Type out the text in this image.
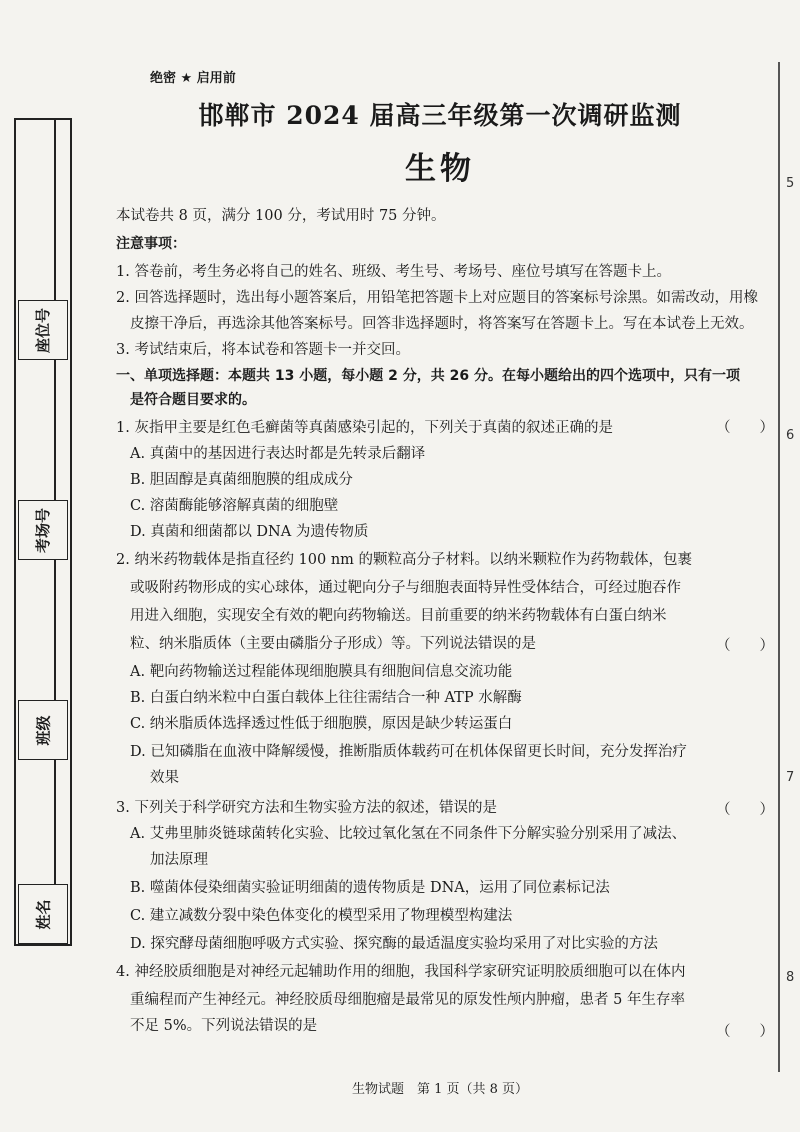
座位号
考场号
班级
姓名
5
6
7
8
绝密 ★ 启用前
邯郸市 2024 届高三年级第一次调研监测
生物
本试卷共 8 页，满分 100 分，考试用时 75 分钟。
注意事项：
1. 答卷前，考生务必将自己的姓名、班级、考生号、考场号、座位号填写在答题卡上。
2. 回答选择题时，选出每小题答案后，用铅笔把答题卡上对应题目的答案标号涂黑。如需改动，用橡
皮擦干净后，再选涂其他答案标号。回答非选择题时，将答案写在答题卡上。写在本试卷上无效。
3. 考试结束后，将本试卷和答题卡一并交回。
一、单项选择题：本题共 13 小题，每小题 2 分，共 26 分。在每小题给出的四个选项中，只有一项
是符合题目要求的。
1. 灰指甲主要是红色毛癣菌等真菌感染引起的，下列关于真菌的叙述正确的是	（　　）
A. 真菌中的基因进行表达时都是先转录后翻译
B. 胆固醇是真菌细胞膜的组成成分
C. 溶菌酶能够溶解真菌的细胞壁
D. 真菌和细菌都以 DNA 为遗传物质
2. 纳米药物载体是指直径约 100 nm 的颗粒高分子材料。以纳米颗粒作为药物载体，包裹
或吸附药物形成的实心球体，通过靶向分子与细胞表面特异性受体结合，可经过胞吞作
用进入细胞，实现安全有效的靶向药物输送。目前重要的纳米药物载体有白蛋白纳米
粒、纳米脂质体（主要由磷脂分子形成）等。下列说法错误的是	（　　）
A. 靶向药物输送过程能体现细胞膜具有细胞间信息交流功能
B. 白蛋白纳米粒中白蛋白载体上往往需结合一种 ATP 水解酶
C. 纳米脂质体选择透过性低于细胞膜，原因是缺少转运蛋白
D. 已知磷脂在血液中降解缓慢，推断脂质体载药可在机体保留更长时间，充分发挥治疗
效果
3. 下列关于科学研究方法和生物实验方法的叙述，错误的是	（　　）
A. 艾弗里肺炎链球菌转化实验、比较过氧化氢在不同条件下分解实验分别采用了减法、
加法原理
B. 噬菌体侵染细菌实验证明细菌的遗传物质是 DNA，运用了同位素标记法
C. 建立减数分裂中染色体变化的模型采用了物理模型构建法
D. 探究酵母菌细胞呼吸方式实验、探究酶的最适温度实验均采用了对比实验的方法
4. 神经胶质细胞是对神经元起辅助作用的细胞，我国科学家研究证明胶质细胞可以在体内
重编程而产生神经元。神经胶质母细胞瘤是最常见的原发性颅内肿瘤，患者 5 年生存率
不足 5%。下列说法错误的是	（　　）
生物试题　第 1 页（共 8 页）
